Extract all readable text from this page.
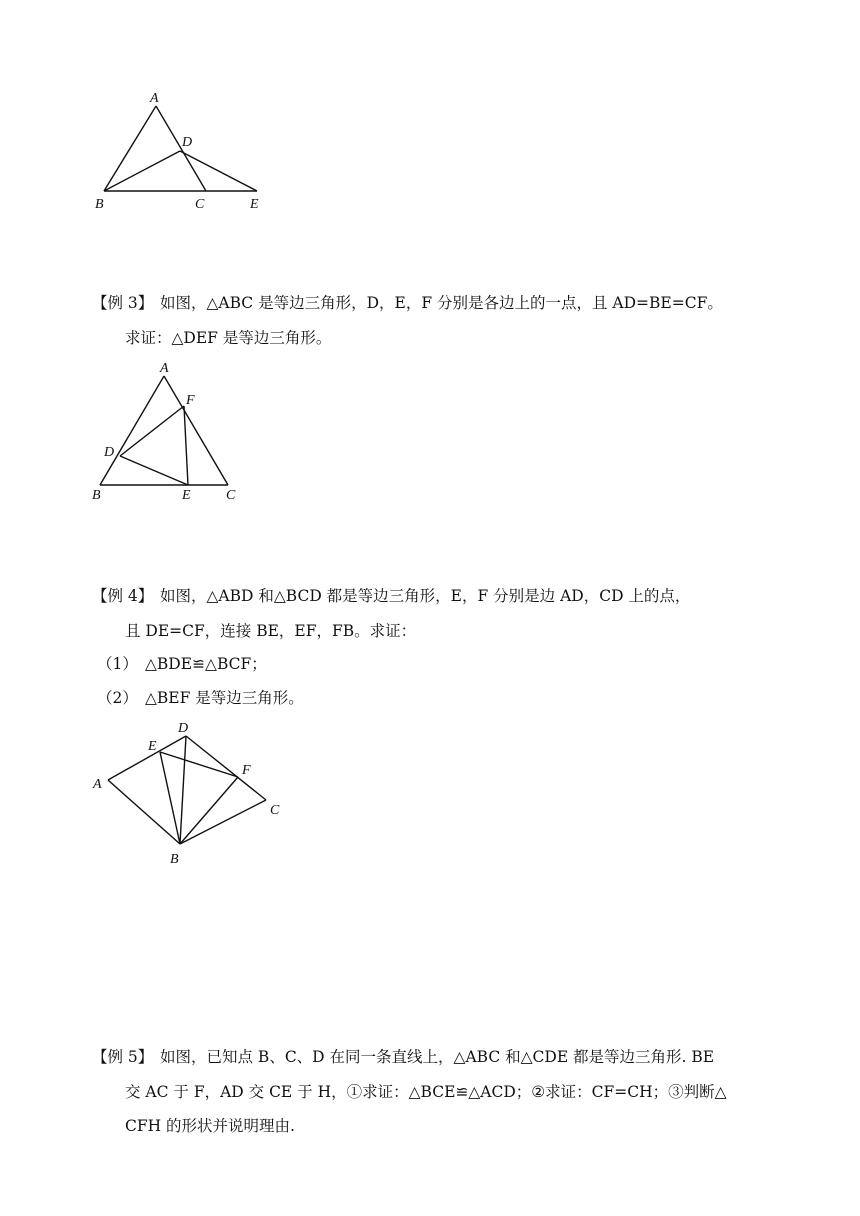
A
D
B	C	E
【例 3】 如图，△ABC 是等边三角形，D，E，F 分别是各边上的一点，且 AD=BE=CF。
求证：△DEF 是等边三角形。
A
F
D
B	E	C
【例 4】 如图，△ABD 和△BCD 都是等边三角形，E，F 分别是边 AD，CD 上的点，
且 DE=CF，连接 BE，EF，FB。求证：
（1） △BDE≌△BCF；
（2） △BEF 是等边三角形。
D
E
F
A
C
B
【例 5】 如图，已知点 B、C、D 在同一条直线上，△ABC 和△CDE 都是等边三角形. BE
交 AC 于 F，AD 交 CE 于 H，①求证：△BCE≌△ACD；②求证：CF=CH；③判断△
CFH 的形状并说明理由.
